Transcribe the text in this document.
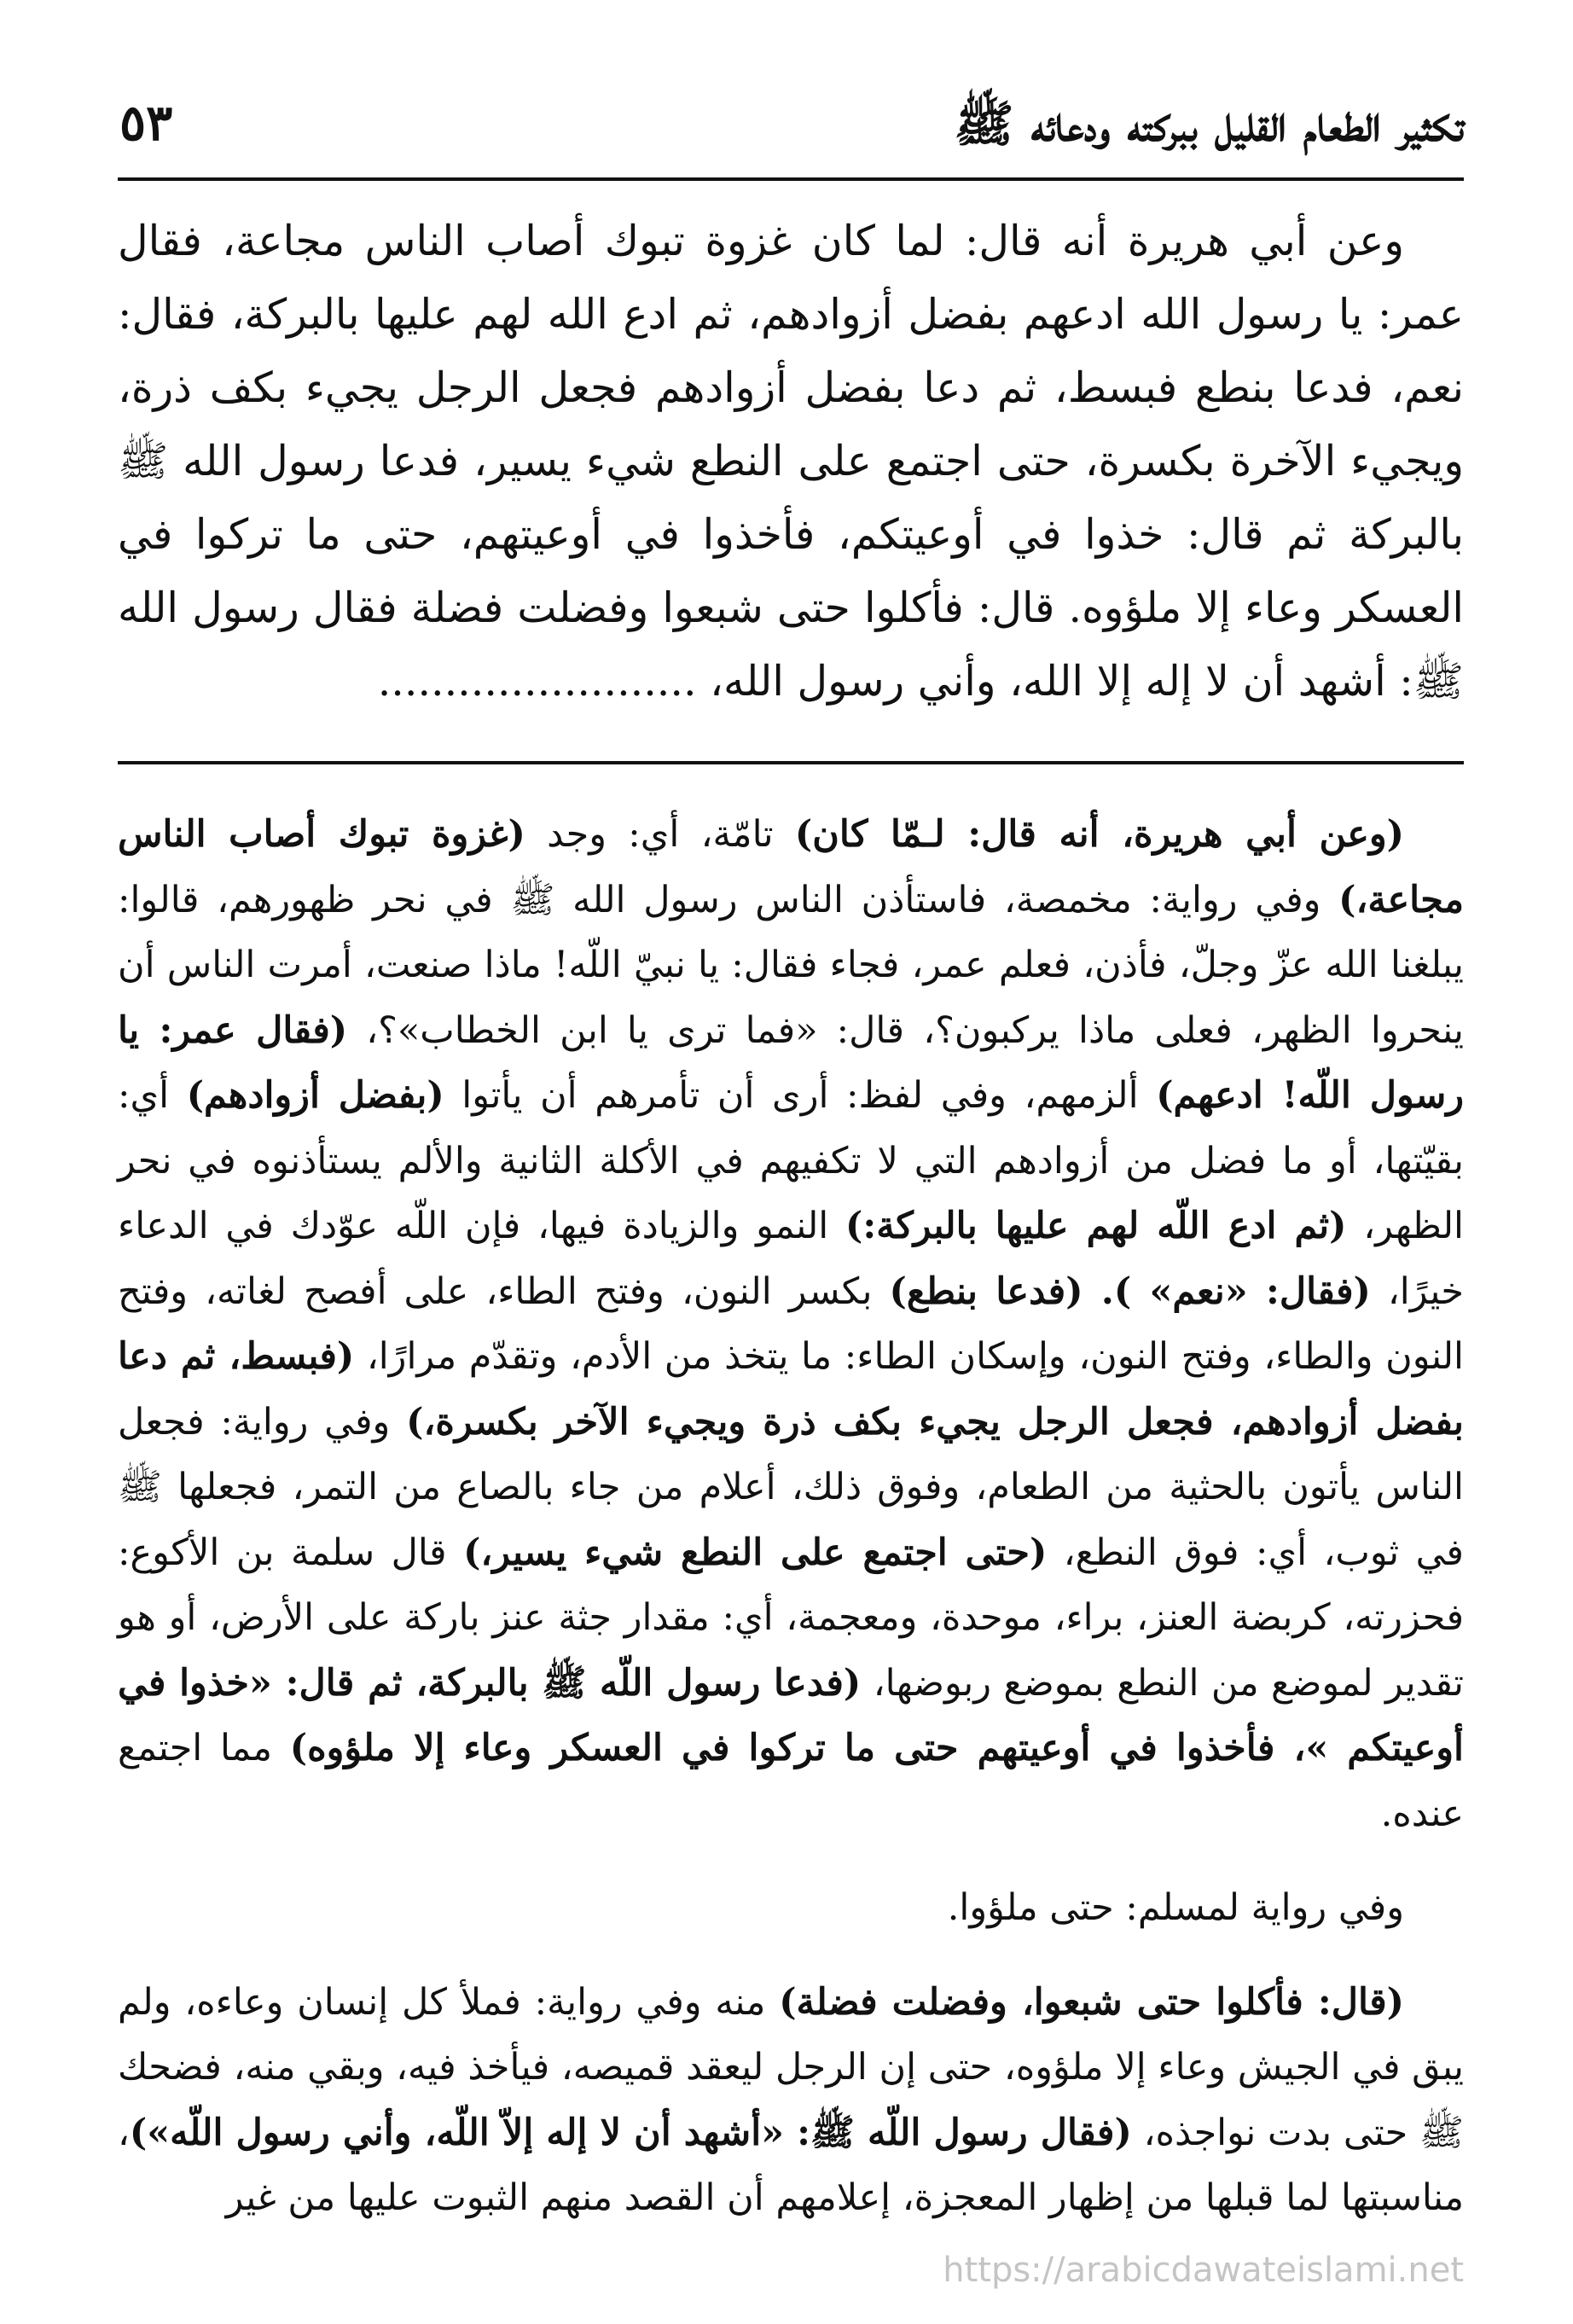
تكثير الطعام القليل ببركته ودعائه ﷺ
٥٣

وعن أبي هريرة أنه قال: لما كان غزوة تبوك أصاب الناس مجاعة، فقال عمر: يا رسول الله ادعهم بفضل أزوادهم، ثم ادع الله لهم عليها بالبركة، فقال: نعم، فدعا بنطع فبسط، ثم دعا بفضل أزوادهم فجعل الرجل يجيء بكف ذرة، ويجيء الآخرة بكسرة، حتى اجتمع على النطع شيء يسير، فدعا رسول الله ﷺ بالبركة ثم قال: خذوا في أوعيتكم، فأخذوا في أوعيتهم، حتى ما تركوا في العسكر وعاء إلا ملؤوه. قال: فأكلوا حتى شبعوا وفضلت فضلة فقال رسول الله ﷺ: أشهد أن لا إله إلا الله، وأني رسول الله، ........................

(وعن أبي هريرة، أنه قال: لـمّا كان) تامّة، أي: وجد (غزوة تبوك أصاب الناس مجاعة،) وفي رواية: مخمصة، فاستأذن الناس رسول الله ﷺ في نحر ظهورهم، قالوا: يبلغنا الله عزّ وجلّ، فأذن، فعلم عمر، فجاء فقال: يا نبيّ اللّه! ماذا صنعت، أمرت الناس أن ينحروا الظهر، فعلى ماذا يركبون؟، قال: «فما ترى يا ابن الخطاب»؟، (فقال عمر: يا رسول اللّه! ادعهم) ألزمهم، وفي لفظ: أرى أن تأمرهم أن يأتوا (بفضل أزوادهم) أي: بقيّتها، أو ما فضل من أزوادهم التي لا تكفيهم في الأكلة الثانية والألم يستأذنوه في نحر الظهر، (ثم ادع اللّه لهم عليها بالبركة:) النمو والزيادة فيها، فإن اللّه عوّدك في الدعاء خيرًا، (فقال: «نعم» ). (فدعا بنطع) بكسر النون، وفتح الطاء، على أفصح لغاته، وفتح النون والطاء، وفتح النون، وإسكان الطاء: ما يتخذ من الأدم، وتقدّم مرارًا، (فبسط، ثم دعا بفضل أزوادهم، فجعل الرجل يجيء بكف ذرة ويجيء الآخر بكسرة،) وفي رواية: فجعل الناس يأتون بالحثية من الطعام، وفوق ذلك، أعلام من جاء بالصاع من التمر، فجعلها ﷺ في ثوب، أي: فوق النطع، (حتى اجتمع على النطع شيء يسير،) قال سلمة بن الأكوع: فحزرته، كربضة العنز، براء، موحدة، ومعجمة، أي: مقدار جثة عنز باركة على الأرض، أو هو تقدير لموضع من النطع بموضع ربوضها، (فدعا رسول اللّه ﷺ بالبركة، ثم قال: «خذوا في أوعيتكم »، فأخذوا في أوعيتهم حتى ما تركوا في العسكر وعاء إلا ملؤوه) مما اجتمع عنده.

وفي رواية لمسلم: حتى ملؤوا.

(قال: فأكلوا حتى شبعوا، وفضلت فضلة) منه وفي رواية: فملأ كل إنسان وعاءه، ولم يبق في الجيش وعاء إلا ملؤوه، حتى إن الرجل ليعقد قميصه، فيأخذ فيه، وبقي منه، فضحك ﷺ حتى بدت نواجذه، (فقال رسول اللّه ﷺ: «أشهد أن لا إله إلاّ اللّه، وأني رسول اللّه»)، مناسبتها لما قبلها من إظهار المعجزة، إعلامهم أن القصد منهم الثبوت عليها من غير

https://arabicdawateislami.net
